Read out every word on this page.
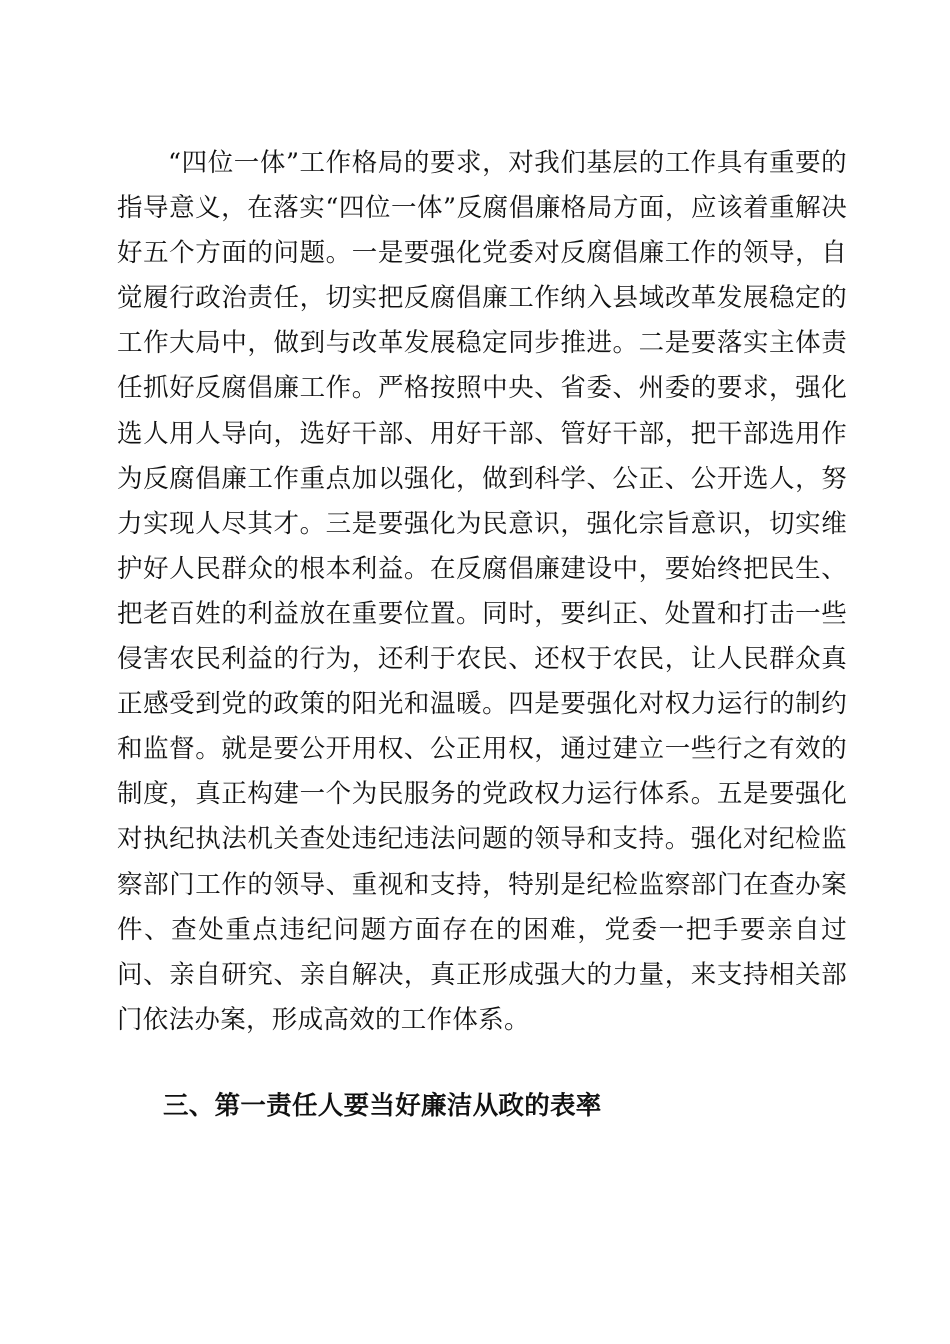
“四位一体”工作格局的要求，对我们基层的工作具有重要的指导意义，在落实“四位一体”反腐倡廉格局方面，应该着重解决好五个方面的问题。一是要强化党委对反腐倡廉工作的领导，自觉履行政治责任，切实把反腐倡廉工作纳入县域改革发展稳定的工作大局中，做到与改革发展稳定同步推进。二是要落实主体责任抓好反腐倡廉工作。严格按照中央、省委、州委的要求，强化选人用人导向，选好干部、用好干部、管好干部，把干部选用作为反腐倡廉工作重点加以强化，做到科学、公正、公开选人，努力实现人尽其才。三是要强化为民意识，强化宗旨意识，切实维护好人民群众的根本利益。在反腐倡廉建设中，要始终把民生、把老百姓的利益放在重要位置。同时，要纠正、处置和打击一些侵害农民利益的行为，还利于农民、还权于农民，让人民群众真正感受到党的政策的阳光和温暖。四是要强化对权力运行的制约和监督。就是要公开用权、公正用权，通过建立一些行之有效的制度，真正构建一个为民服务的党政权力运行体系。五是要强化对执纪执法机关查处违纪违法问题的领导和支持。强化对纪检监察部门工作的领导、重视和支持，特别是纪检监察部门在查办案件、查处重点违纪问题方面存在的困难，党委一把手要亲自过问、亲自研究、亲自解决，真正形成强大的力量，来支持相关部门依法办案，形成高效的工作体系。

三、第一责任人要当好廉洁从政的表率
